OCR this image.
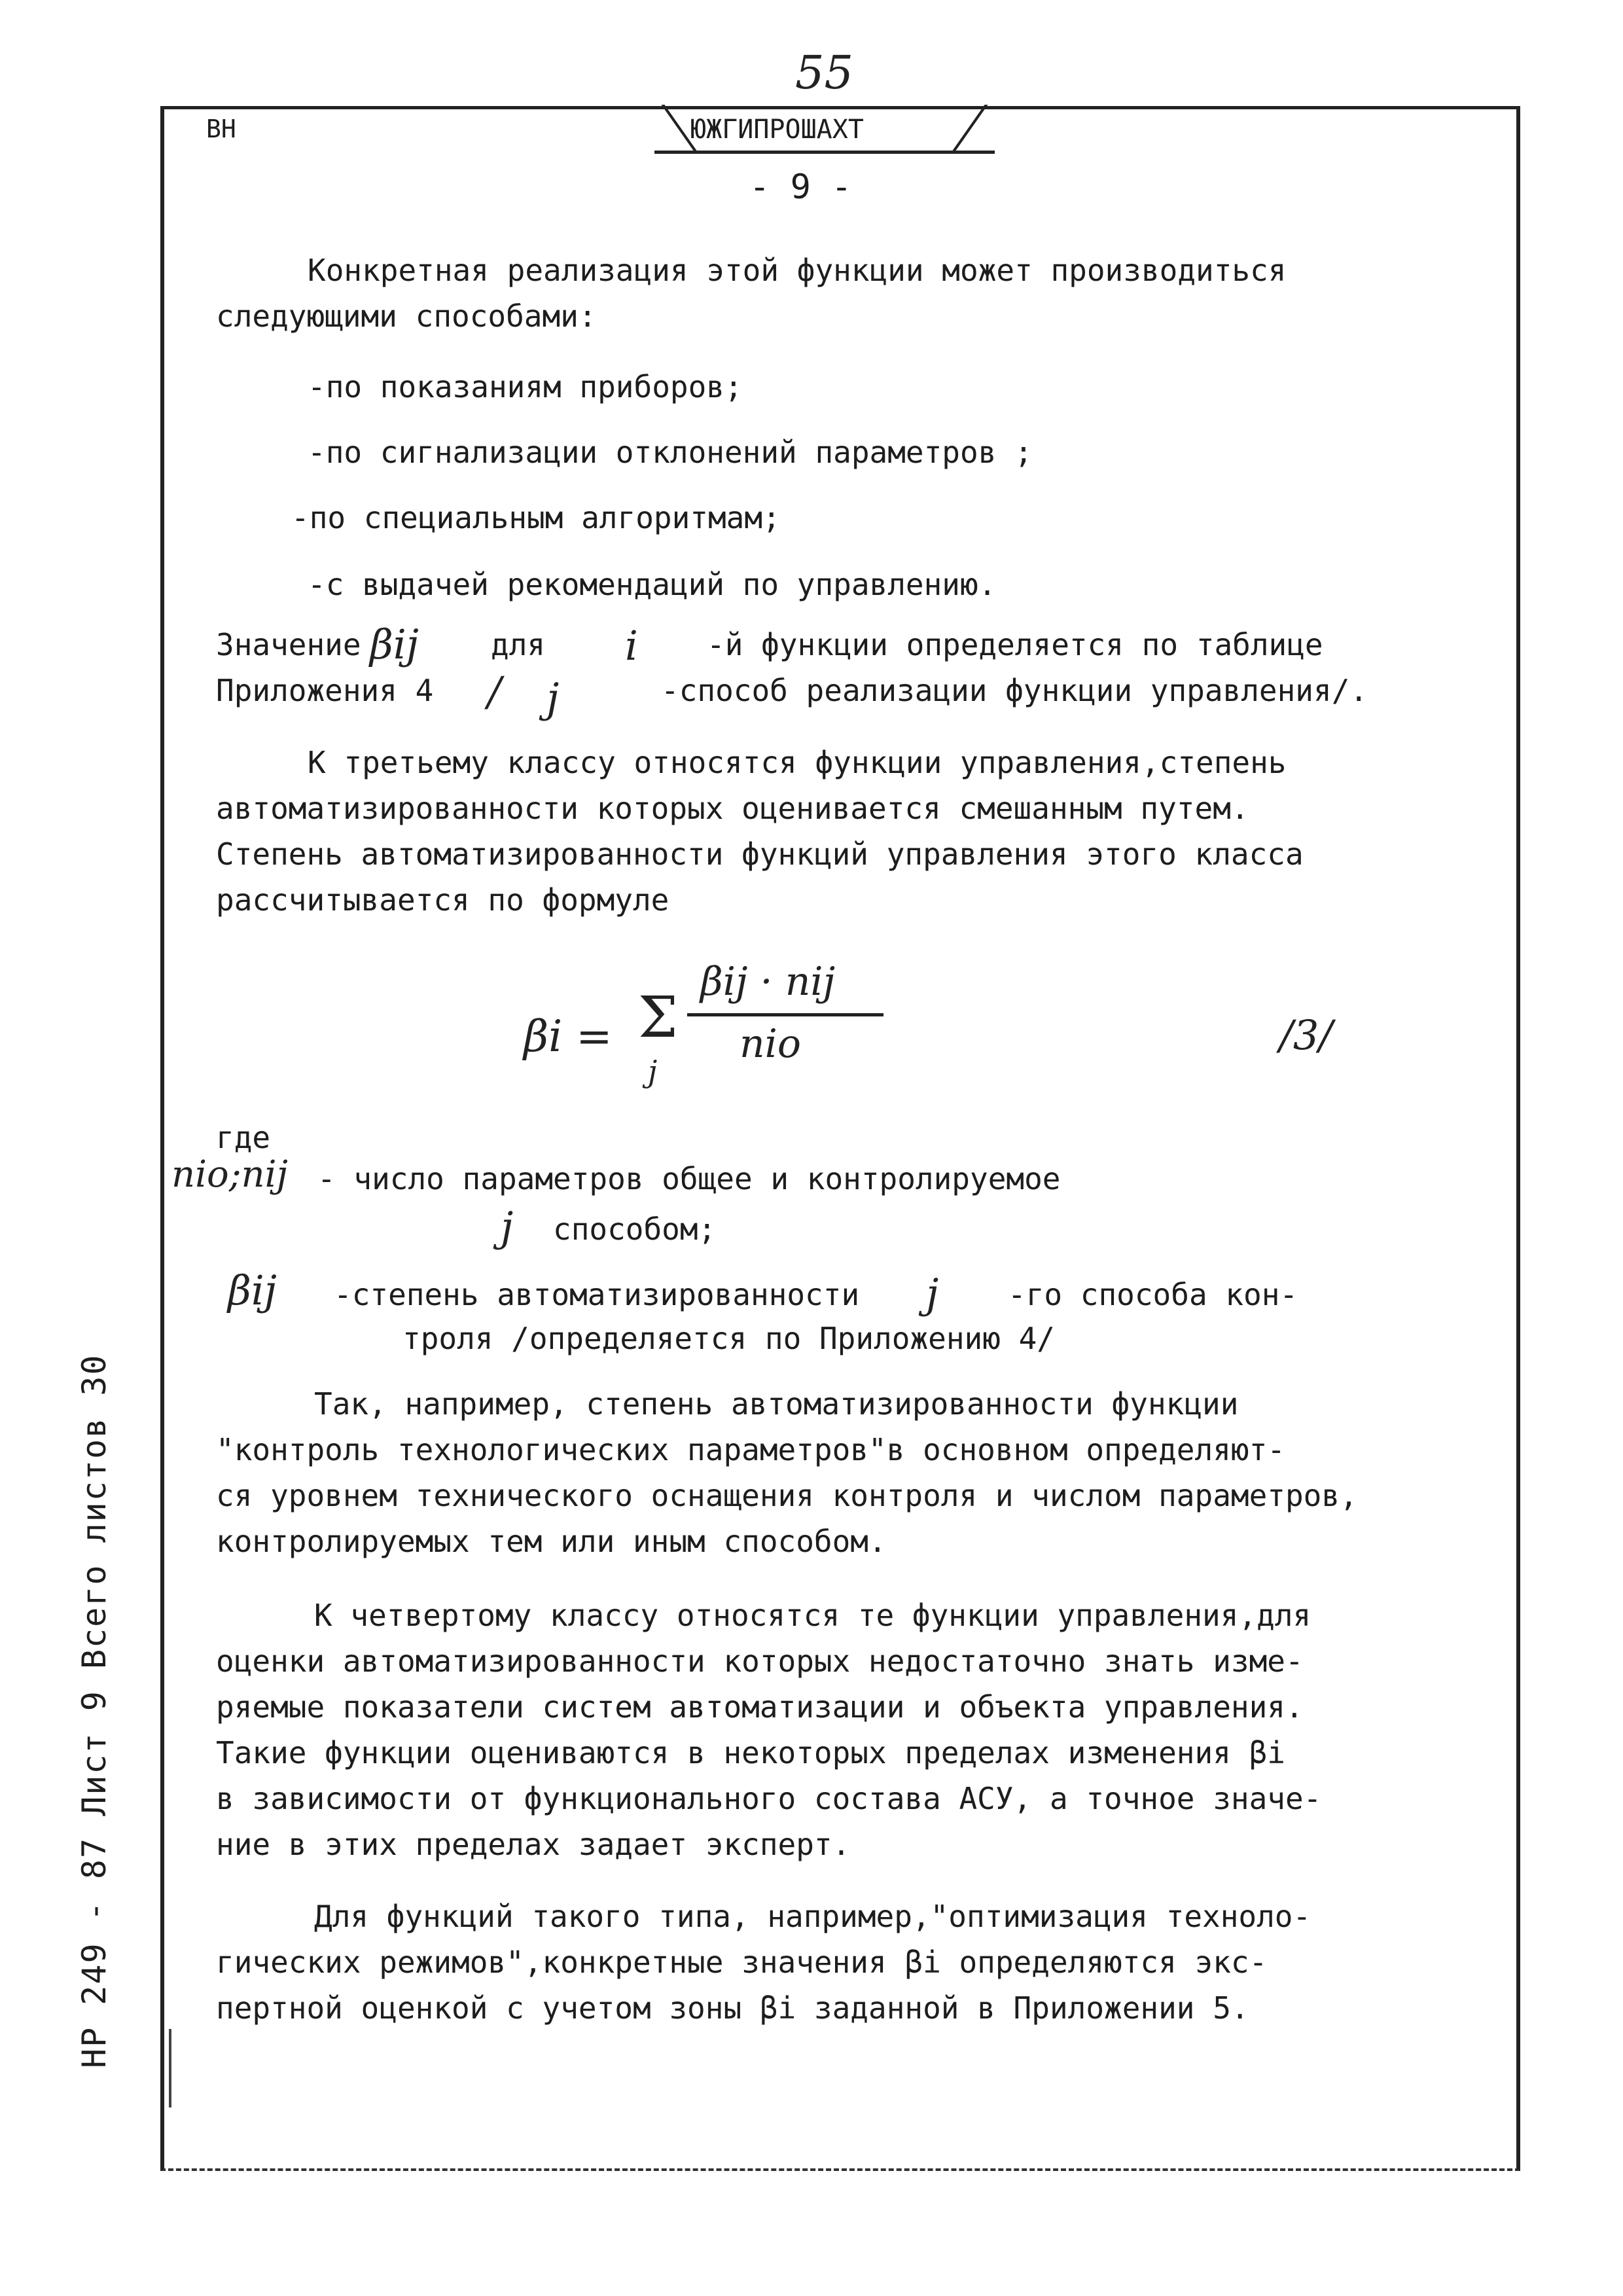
55
ВН	ЮЖГИПРОШАХТ
- 9 -
Конкретная реализация этой функции может производиться
следующими способами:
-по показаниям приборов;
-по сигнализации отклонений параметров ;
-по специальным алгоритмам;
-с выдачей рекомендаций по управлению.
Значение βij для i -й функции определяется по таблице
Приложения 4 / j	-способ реализации функции управления/.
К третьему классу относятся функции управления,степень
автоматизированности которых оценивается смешанным путем.
Степень автоматизированности функций управления этого класса
рассчитывается по формуле
βi = Σ
j
βij · nij
nio	/3/
где
nio;nij - число параметров общее и контролируемое
j способом;
βij -степень автоматизированности j -го способа кон-
троля /определяется по Приложению 4/
Так, например, степень автоматизированности функции
"контроль технологических параметров"в основном определяют-
ся уровнем технического оснащения контроля и числом параметров,
контролируемых тем или иным способом.
К четвертому классу относятся те функции управления,для
оценки автоматизированности которых недостаточно знать изме-
ряемые показатели систем автоматизации и объекта управления.
Такие функции оцениваются в некоторых пределах изменения βi
в зависимости от функционального состава АСУ, а точное значе-
ние в этих пределах задает эксперт.
Для функций такого типа, например,"оптимизация техноло-
гических режимов",конкретные значения βi определяются экс-
пертной оценкой с учетом зоны βi заданной в Приложении 5.
НР 249 - 87 Лист 9 Всего листов 30
